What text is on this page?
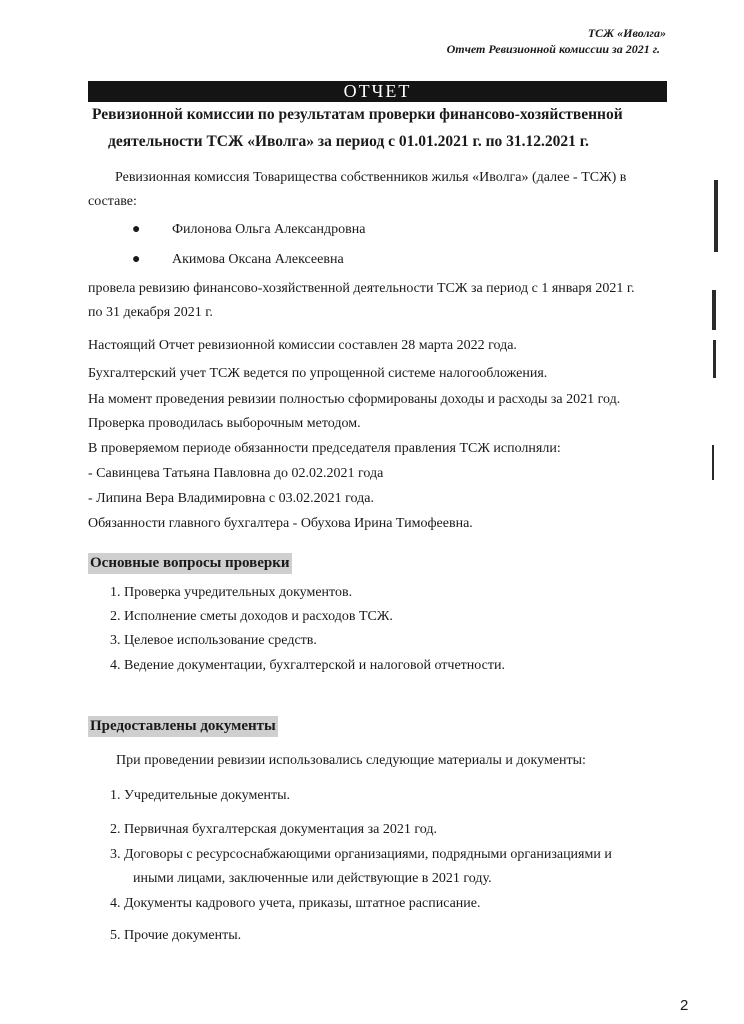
ТСЖ «Иволга»
Отчет Ревизионной комиссии за 2021 г.
ОТЧЕТ
Ревизионной комиссии по результатам проверки финансово-хозяйственной
деятельности ТСЖ «Иволга» за период с 01.01.2021 г. по 31.12.2021 г.
Ревизионная комиссия Товарищества собственников жилья «Иволга» (далее - ТСЖ) в
составе:
● Филонова Ольга Александровна
● Акимова Оксана Алексеевна
провела ревизию финансово-хозяйственной деятельности ТСЖ за период с 1 января 2021 г.
по 31 декабря 2021 г.
Настоящий Отчет ревизионной комиссии составлен 28 марта 2022 года.
Бухгалтерский учет ТСЖ ведется по упрощенной системе налогообложения.
На момент проведения ревизии полностью сформированы доходы и расходы за 2021 год.
Проверка проводилась выборочным методом.
В проверяемом периоде обязанности председателя правления ТСЖ исполняли:
- Савинцева Татьяна Павловна до 02.02.2021 года
- Липина Вера Владимировна с 03.02.2021 года.
Обязанности главного бухгалтера - Обухова Ирина Тимофеевна.
Основные вопросы проверки
1. Проверка учредительных документов.
2. Исполнение сметы доходов и расходов ТСЖ.
3. Целевое использование средств.
4. Ведение документации, бухгалтерской и налоговой отчетности.
Предоставлены документы
При проведении ревизии использовались следующие материалы и документы:
1. Учредительные документы.
2. Первичная бухгалтерская документация за 2021 год.
3. Договоры с ресурсоснабжающими организациями, подрядными организациями и
иными лицами, заключенные или действующие в 2021 году.
4. Документы кадрового учета, приказы, штатное расписание.
5. Прочие документы.
2
